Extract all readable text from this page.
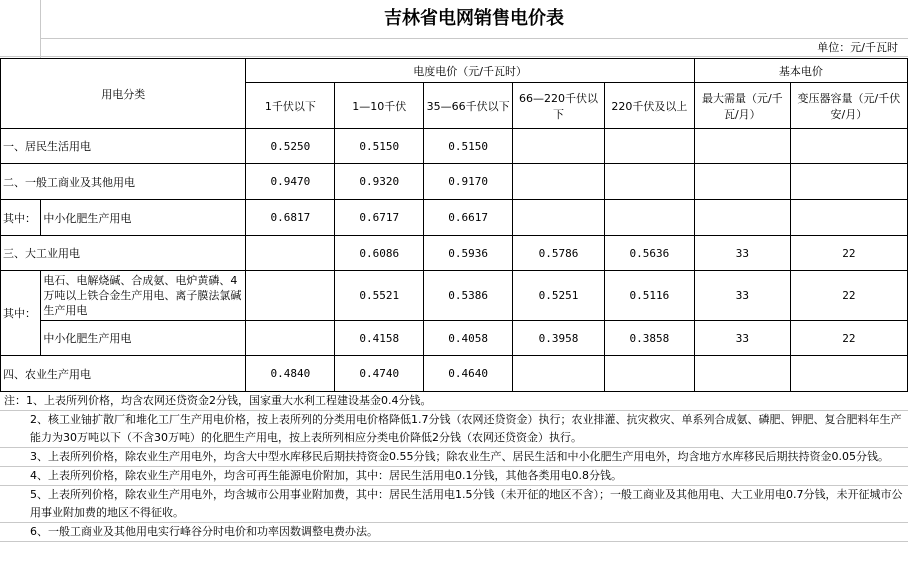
吉林省电网销售电价表
单位：元/千瓦时
用电分类		电度电价（元/千瓦时）					基本电价	
		1千伏以下	1—10千伏	35—66千伏以下	66—220千伏以下	220千伏及以上	最大需量（元/千瓦/月）	变压器容量（元/千伏安/月）
一、居民生活用电		0.5250	0.5150	0.5150				
二、一般工商业及其他用电		0.9470	0.9320	0.9170				
其中：	中小化肥生产用电	0.6817	0.6717	0.6617				
三、大工业用电			0.6086	0.5936	0.5786	0.5636	33	22
其中：	电石、电解烧碱、合成氨、电炉黄磷、4万吨以上铁合金生产用电、离子膜法氯碱生产用电		0.5521	0.5386	0.5251	0.5116	33	22
	中小化肥生产用电		0.4158	0.4058	0.3958	0.3858	33	22
四、农业生产用电		0.4840	0.4740	0.4640				
注：1、上表所列价格，均含农网还贷资金2分钱，国家重大水利工程建设基金0.4分钱。
2、核工业铀扩散厂和堆化工厂生产用电价格，按上表所列的分类用电价格降低1.7分钱（农网还贷资金）执行；农业排灌、抗灾救灾、单系列合成氨、磷肥、钾肥、复合肥料年生产能力为30万吨以下（不含30万吨）的化肥生产用电，按上表所列相应分类电价降低2分钱（农网还贷资金）执行。
3、上表所列价格，除农业生产用电外，均含大中型水库移民后期扶持资金0.55分钱；除农业生产、居民生活和中小化肥生产用电外，均含地方水库移民后期扶持资金0.05分钱。
4、上表所列价格，除农业生产用电外，均含可再生能源电价附加，其中：居民生活用电0.1分钱，其他各类用电0.8分钱。
5、上表所列价格，除农业生产用电外，均含城市公用事业附加费，其中：居民生活用电1.5分钱（未开征的地区不含）；一般工商业及其他用电、大工业用电0.7分钱，未开征城市公用事业附加费的地区不得征收。
6、一般工商业及其他用电实行峰谷分时电价和功率因数调整电费办法。
